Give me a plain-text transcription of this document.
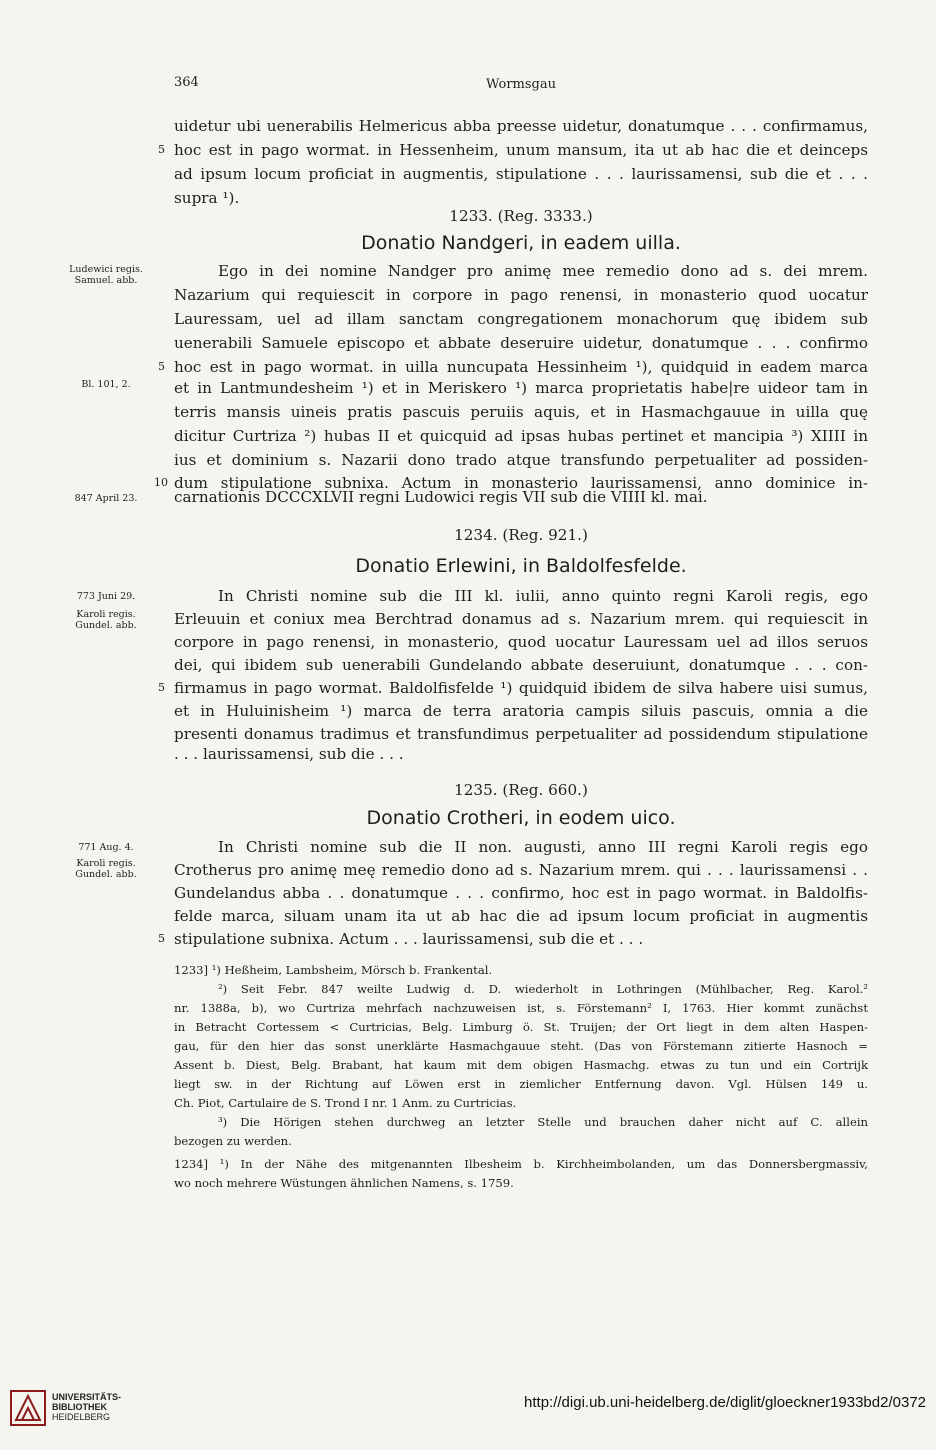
364	Wormsgau
uidetur ubi uenerabilis Helmericus abba preesse uidetur, donatumque . . . confirmamus,
5 hoc est in pago wormat. in Hessenheim, unum mansum, ita ut ab hac die et deinceps
ad ipsum locum proficiat in augmentis, stipulatione . . . laurissamensi, sub die et . . .
supra ¹).
1233. (Reg. 3333.)
Donatio Nandgeri, in eadem uilla.
Ludewici regis.
Samuel. abb.
Ego in dei nomine Nandger pro animę mee remedio dono ad s. dei mrem.
Nazarium qui requiescit in corpore in pago renensi, in monasterio quod uocatur
Lauressam, uel ad illam sanctam congregationem monachorum quę ibidem sub
uenerabili Samuele episcopo et abbate deseruire uidetur, donatumque . . . confirmo
5 hoc est in pago wormat. in uilla nuncupata Hessinheim ¹), quidquid in eadem marca
Bl. 101, 2.	et in Lantmundesheim ¹) et in Meriskero ¹) marca proprietatis habe|re uideor tam in
terris mansis uineis pratis pascuis peruiis aquis, et in Hasmachgauue in uilla quę
dicitur Curtriza ²) hubas II et quicquid ad ipsas hubas pertinet et mancipia ³) XIIII in
ius et dominium s. Nazarii dono trado atque transfundo perpetualiter ad possiden-
10 dum stipulatione subnixa. Actum in monasterio laurissamensi, anno dominice in-
847 April 23.	carnationis DCCCXLVII regni Ludowici regis VII sub die VIIII kl. mai.
1234. (Reg. 921.)
Donatio Erlewini, in Baldolfesfelde.
773 Juni 29.
Karoli regis.
Gundel. abb.
In Christi nomine sub die III kl. iulii, anno quinto regni Karoli regis, ego
Erleuuin et coniux mea Berchtrad donamus ad s. Nazarium mrem. qui requiescit in
corpore in pago renensi, in monasterio, quod uocatur Lauressam uel ad illos seruos
dei, qui ibidem sub uenerabili Gundelando abbate deseruiunt, donatumque . . . con-
5 firmamus in pago wormat. Baldolfisfelde ¹) quidquid ibidem de silva habere uisi sumus,
et in Huluinisheim ¹) marca de terra aratoria campis siluis pascuis, omnia a die
presenti donamus tradimus et transfundimus perpetualiter ad possidendum stipulatione
. . . laurissamensi, sub die . . .
1235. (Reg. 660.)
Donatio Crotheri, in eodem uico.
771 Aug. 4.
Karoli regis.
Gundel. abb.
In Christi nomine sub die II non. augusti, anno III regni Karoli regis ego
Crotherus pro animę meę remedio dono ad s. Nazarium mrem. qui . . . laurissamensi . .
Gundelandus abba . . donatumque . . . confirmo, hoc est in pago wormat. in Baldolfis-
felde marca, siluam unam ita ut ab hac die ad ipsum locum proficiat in augmentis
5 stipulatione subnixa. Actum . . . laurissamensi, sub die et . . .
1233] ¹) Heßheim, Lambsheim, Mörsch b. Frankental.
²) Seit Febr. 847 weilte Ludwig d. D. wiederholt in Lothringen (Mühlbacher, Reg. Karol.²
nr. 1388a, b), wo Curtriza mehrfach nachzuweisen ist, s. Förstemann² I, 1763. Hier kommt zunächst
in Betracht Cortessem < Curtricias, Belg. Limburg ö. St. Truijen; der Ort liegt in dem alten Haspen-
gau, für den hier das sonst unerklärte Hasmachgauue steht. (Das von Förstemann zitierte Hasnoch =
Assent b. Diest, Belg. Brabant, hat kaum mit dem obigen Hasmachg. etwas zu tun und ein Cortrijk
liegt sw. in der Richtung auf Löwen erst in ziemlicher Entfernung davon. Vgl. Hülsen 149 u.
Ch. Piot, Cartulaire de S. Trond I nr. 1 Anm. zu Curtricias.
³) Die Hörigen stehen durchweg an letzter Stelle und brauchen daher nicht auf C. allein
bezogen zu werden.
1234] ¹) In der Nähe des mitgenannten Ilbesheim b. Kirchheimbolanden, um das Donnersbergmassiv,
wo noch mehrere Wüstungen ähnlichen Namens, s. 1759.
UNIVERSITÄTS-
BIBLIOTHEK
HEIDELBERG
http://digi.ub.uni-heidelberg.de/diglit/gloeckner1933bd2/0372
